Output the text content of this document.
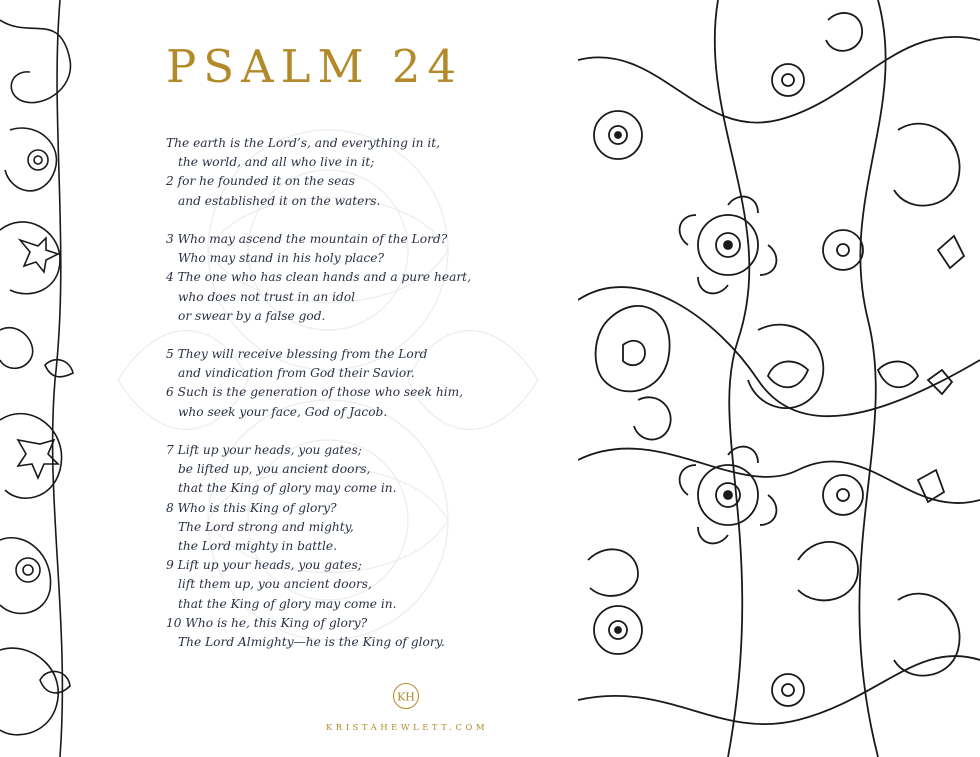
PSALM 24
The earth is the Lord’s, and everything in it,
the world, and all who live in it;
2 for he founded it on the seas
and established it on the waters.
3 Who may ascend the mountain of the Lord?
Who may stand in his holy place?
4 The one who has clean hands and a pure heart,
who does not trust in an idol
or swear by a false god.
5 They will receive blessing from the Lord
and vindication from God their Savior.
6 Such is the generation of those who seek him,
who seek your face, God of Jacob.
7 Lift up your heads, you gates;
be lifted up, you ancient doors,
that the King of glory may come in.
8 Who is this King of glory?
The Lord strong and mighty,
the Lord mighty in battle.
9 Lift up your heads, you gates;
lift them up, you ancient doors,
that the King of glory may come in.
10 Who is he, this King of glory?
The Lord Almighty—he is the King of glory.
KH
KRISTAHEWLETT.COM
